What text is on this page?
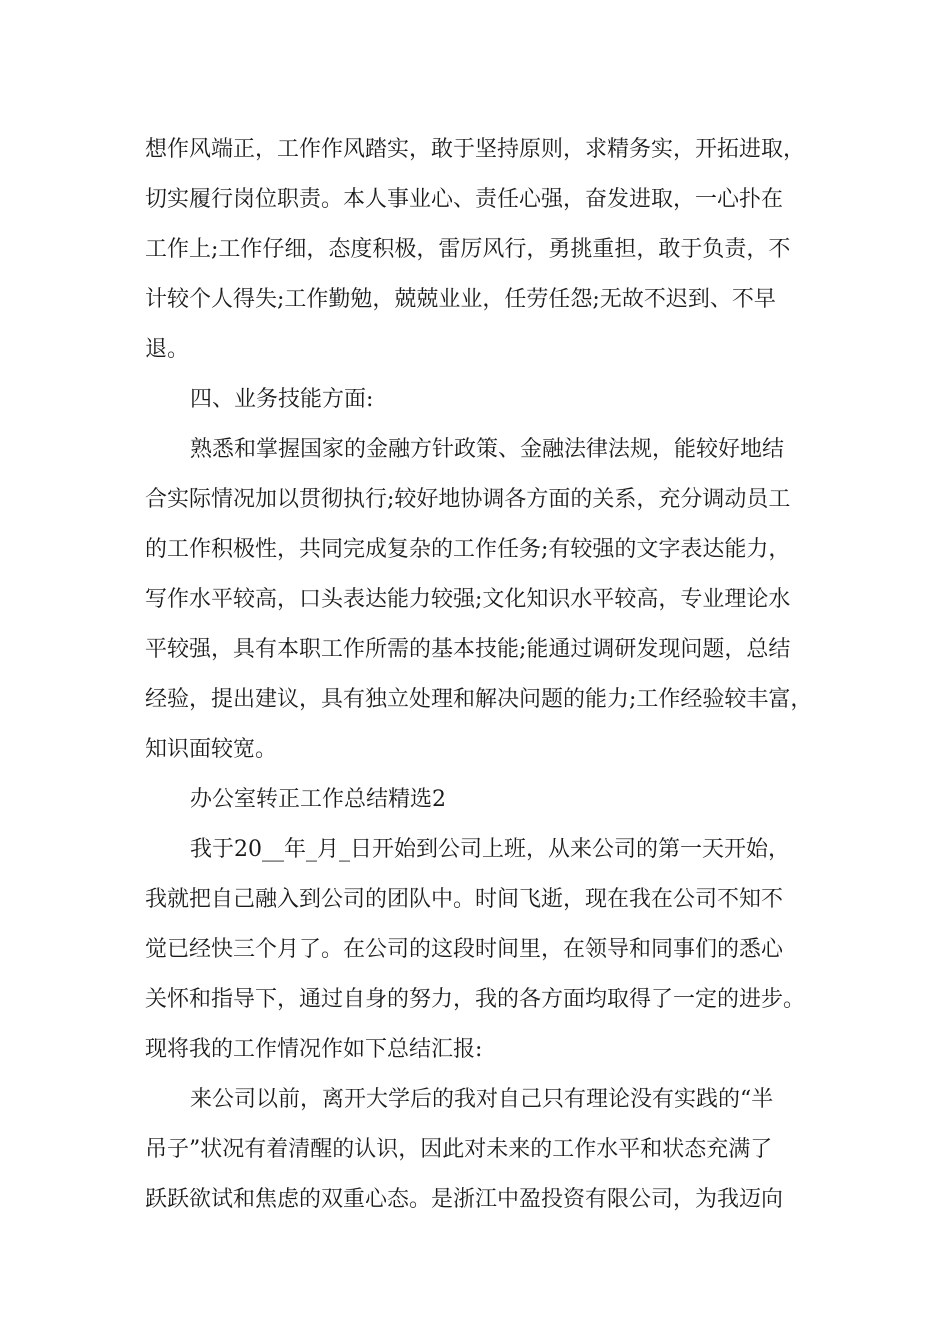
想作风端正，工作作风踏实，敢于坚持原则，求精务实，开拓进取，

切实履行岗位职责。本人事业心、责任心强，奋发进取，一心扑在

工作上;工作仔细，态度积极，雷厉风行，勇挑重担，敢于负责，不

计较个人得失;工作勤勉，兢兢业业，任劳任怨;无故不迟到、不早

退。

四、业务技能方面:

熟悉和掌握国家的金融方针政策、金融法律法规，能较好地结

合实际情况加以贯彻执行;较好地协调各方面的关系，充分调动员工

的工作积极性，共同完成复杂的工作任务;有较强的文字表达能力，

写作水平较高，口头表达能力较强;文化知识水平较高，专业理论水

平较强，具有本职工作所需的基本技能;能通过调研发现问题，总结

经验，提出建议，具有独立处理和解决问题的能力;工作经验较丰富，

知识面较宽。

办公室转正工作总结精选2

我于20__年_月_日开始到公司上班，从来公司的第一天开始，

我就把自己融入到公司的团队中。时间飞逝，现在我在公司不知不

觉已经快三个月了。在公司的这段时间里，在领导和同事们的悉心

关怀和指导下，通过自身的努力，我的各方面均取得了一定的进步。

现将我的工作情况作如下总结汇报:

来公司以前，离开大学后的我对自己只有理论没有实践的“半

吊子”状况有着清醒的认识，因此对未来的工作水平和状态充满了

跃跃欲试和焦虑的双重心态。是浙江中盈投资有限公司，为我迈向
